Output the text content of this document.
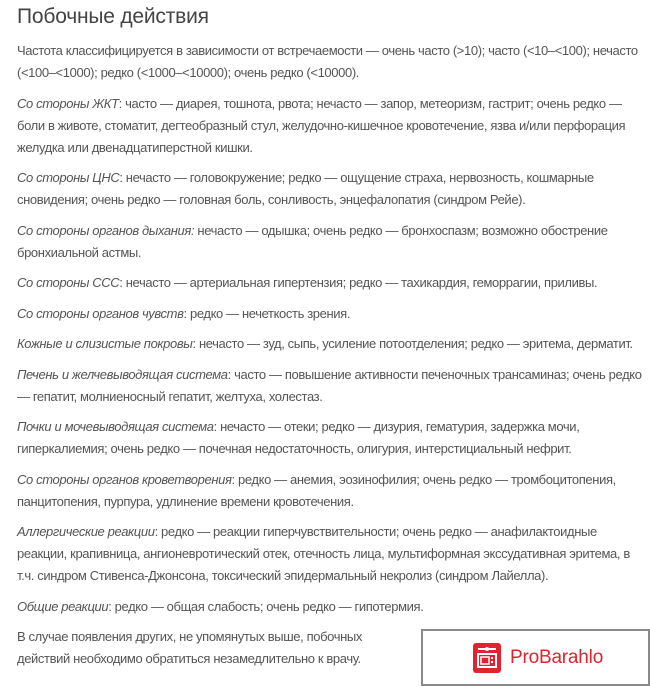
Побочные действия

Частота классифицируется в зависимости от встречаемости — очень часто (>10); часто (<10–<100); нечасто (<100–<1000); редко (<1000–<10000); очень редко (<10000).

Со стороны ЖКТ: часто — диарея, тошнота, рвота; нечасто — запор, метеоризм, гастрит; очень редко — боли в животе, стоматит, дегтеобразный стул, желудочно-кишечное кровотечение, язва и/или перфорация желудка или двенадцатиперстной кишки.

Со стороны ЦНС: нечасто — головокружение; редко — ощущение страха, нервозность, кошмарные сновидения; очень редко — головная боль, сонливость, энцефалопатия (синдром Рейе).

Со стороны органов дыхания: нечасто — одышка; очень редко — бронхоспазм; возможно обострение бронхиальной астмы.

Со стороны ССС: нечасто — артериальная гипертензия; редко — тахикардия, геморрагии, приливы.

Со стороны органов чувств: редко — нечеткость зрения.

Кожные и слизистые покровы: нечасто — зуд, сыпь, усиление потоотделения; редко — эритема, дерматит.

Печень и желчевыводящая система: часто — повышение активности печеночных трансаминаз; очень редко — гепатит, молниеносный гепатит, желтуха, холестаз.

Почки и мочевыводящая система: нечасто — отеки; редко — дизурия, гематурия, задержка мочи, гиперкалиемия; очень редко — почечная недостаточность, олигурия, интерстициальный нефрит.

Со стороны органов кроветворения: редко — анемия, эозинофилия; очень редко — тромбоцитопения, панцитопения, пурпура, удлинение времени кровотечения.

Аллергические реакции: редко — реакции гиперчувствительности; очень редко — анафилактоидные реакции, крапивница, ангионевротический отек, отечность лица, мультиформная экссудативная эритема, в т.ч. синдром Стивенса-Джонсона, токсический эпидермальный некролиз (синдром Лайелла).

Общие реакции: редко — общая слабость; очень редко — гипотермия.

В случае появления других, не упомянутых выше, побочных действий необходимо обратиться незамедлительно к врачу.	ProBarahlo
